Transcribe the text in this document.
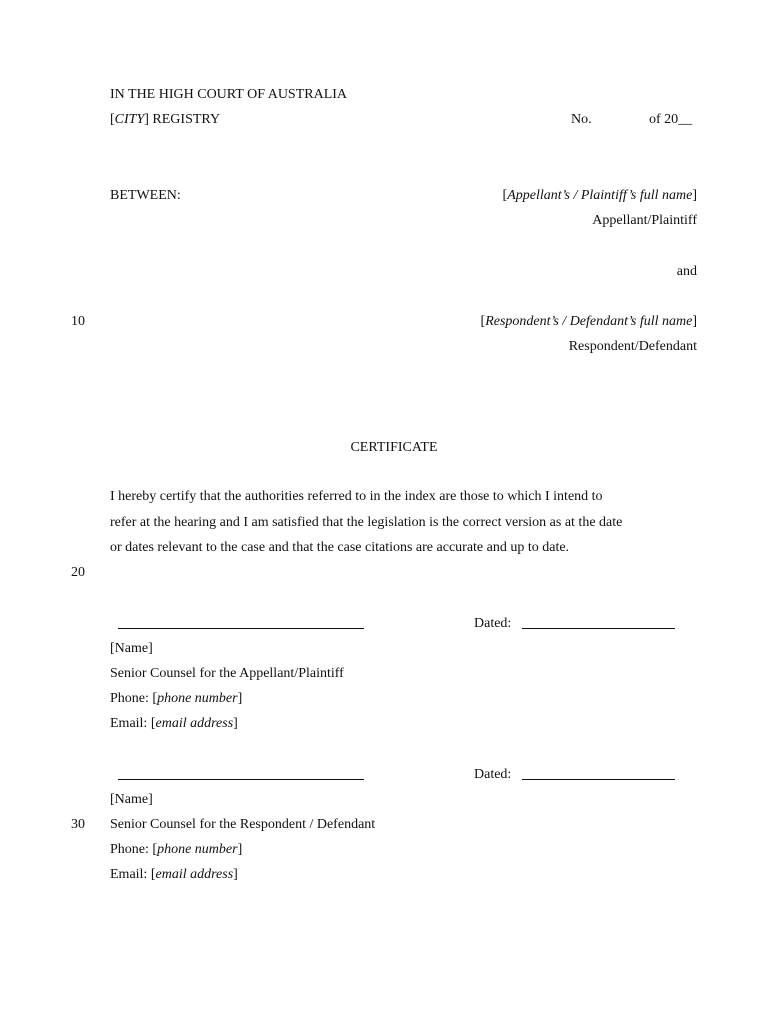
IN THE HIGH COURT OF AUSTRALIA
[CITY] REGISTRY	No.	of 20__
BETWEEN:	[Appellant’s / Plaintiff’s full name]
Appellant/Plaintiff
and
10	[Respondent’s / Defendant’s full name]
Respondent/Defendant
CERTIFICATE
I hereby certify that the authorities referred to in the index are those to which I intend to
refer at the hearing and I am satisfied that the legislation is the correct version as at the date
or dates relevant to the case and that the case citations are accurate and up to date.
20
Dated:
[Name]
Senior Counsel for the Appellant/Plaintiff
Phone: [phone number]
Email: [email address]
Dated:
[Name]
30 Senior Counsel for the Respondent / Defendant
Phone: [phone number]
Email: [email address]
